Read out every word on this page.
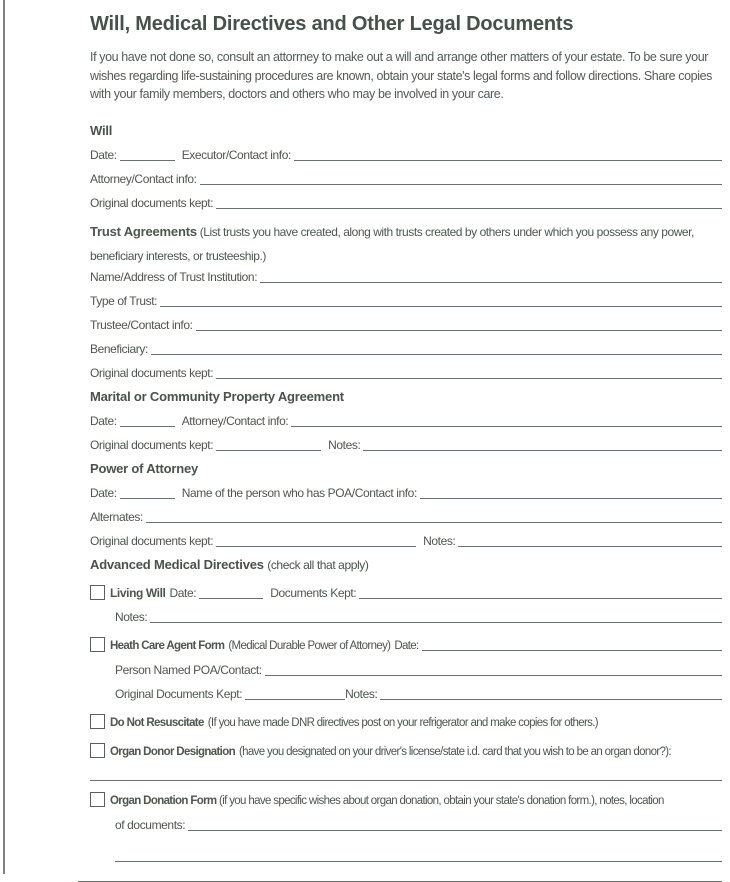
Will, Medical Directives and Other Legal Documents

If you have not done so, consult an attorrney to make out a will and arrange other matters of your estate. To be sure your wishes regarding life-sustaining procedures are known, obtain your state's legal forms and follow directions. Share copies with your family members, doctors and others who may be involved in your care.

Will
Date:	Executor/Contact info:
Attorney/Contact info:
Original documents kept:
Trust Agreements (List trusts you have created, along with trusts created by others under which you possess any power, beneficiary interests, or trusteeship.)
Name/Address of Trust Institution:
Type of Trust:
Trustee/Contact info:
Beneficiary:
Original documents kept:
Marital or Community Property Agreement
Date:	Attorney/Contact info:
Original documents kept:	Notes:
Power of Attorney
Date:	Name of the person who has POA/Contact info:
Alternates:
Original documents kept:	Notes:
Advanced Medical Directives (check all that apply)
Living Will Date:	Documents Kept:
Notes:
Heath Care Agent Form (Medical Durable Power of Attorney) Date:
Person Named POA/Contact:
Original Documents Kept:	Notes:
Do Not Resuscitate (If you have made DNR directives post on your refrigerator and make copies for others.)
Organ Donor Designation (have you designated on your driver's license/state i.d. card that you wish to be an organ donor?):
Organ Donation Form (if you have specific wishes about organ donation, obtain your state's donation form.), notes, location
of documents:
